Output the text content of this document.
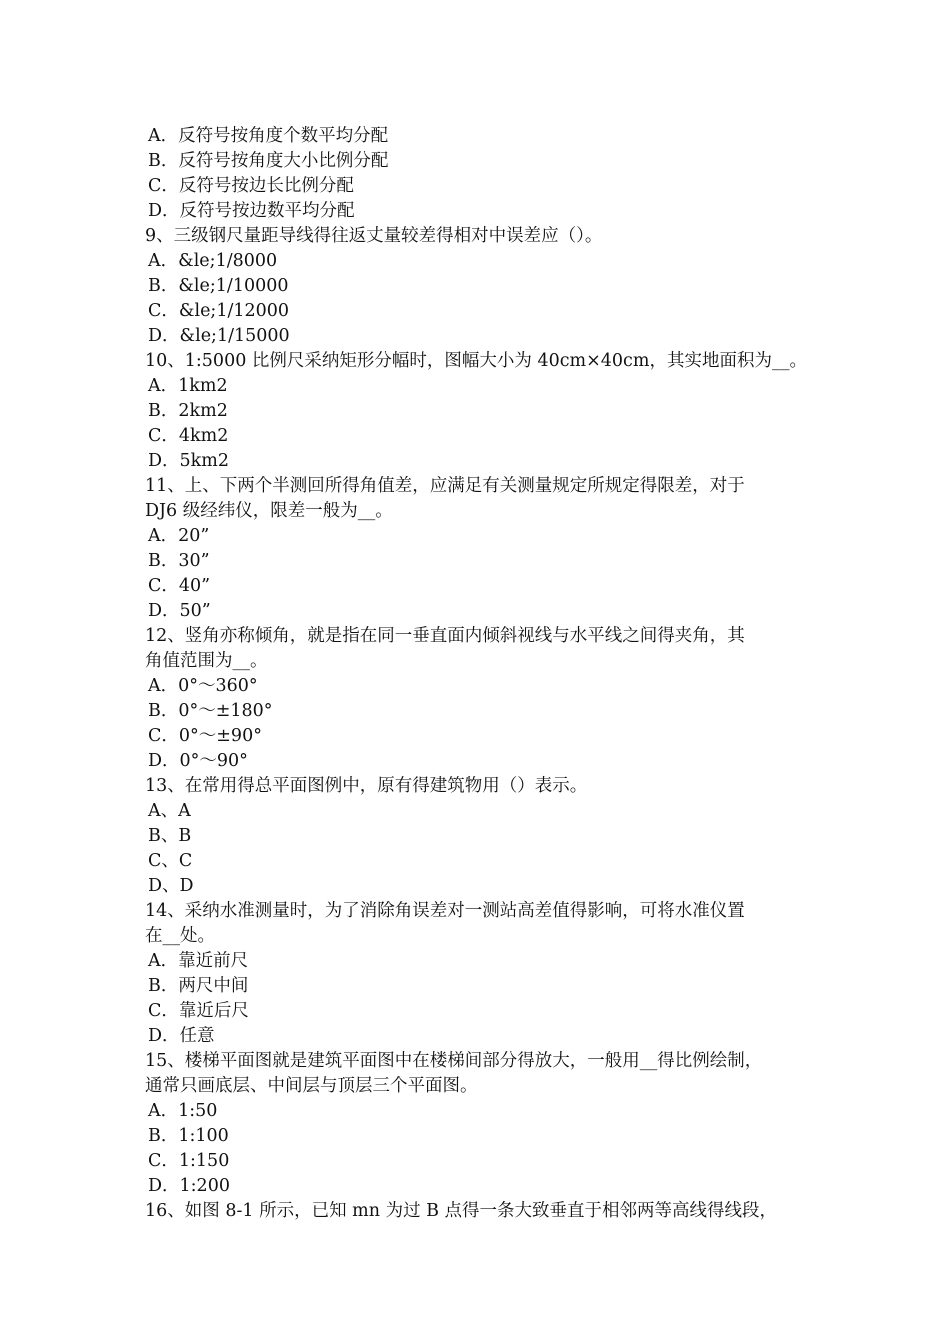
A．反符号按角度个数平均分配
B．反符号按角度大小比例分配
C．反符号按边长比例分配
D．反符号按边数平均分配
9、三级钢尺量距导线得往返丈量较差得相对中误差应（）。
A．&le;1/8000
B．&le;1/10000
C．&le;1/12000
D．&le;1/15000
10、1:5000 比例尺采纳矩形分幅时，图幅大小为 40cm×40cm，其实地面积为__。
A．1km2
B．2km2
C．4km2
D．5km2
11、上、下两个半测回所得角值差，应满足有关测量规定所规定得限差，对于
DJ6 级经纬仪，限差一般为__。
A．20”
B．30”
C．40”
D．50”
12、竖角亦称倾角，就是指在同一垂直面内倾斜视线与水平线之间得夹角，其
角值范围为__。
A．0°～360°
B．0°～±180°
C．0°～±90°
D．0°～90°
13、在常用得总平面图例中，原有得建筑物用（）表示。
A、A
B、B
C、C
D、D
14、采纳水准测量时，为了消除角误差对一测站高差值得影响，可将水准仪置
在__处。
A．靠近前尺
B．两尺中间
C．靠近后尺
D．任意
15、楼梯平面图就是建筑平面图中在楼梯间部分得放大，一般用__得比例绘制，
通常只画底层、中间层与顶层三个平面图。
A．1:50
B．1:100
C．1:150
D．1:200
16、如图 8-1 所示，已知 mn 为过 B 点得一条大致垂直于相邻两等高线得线段，
